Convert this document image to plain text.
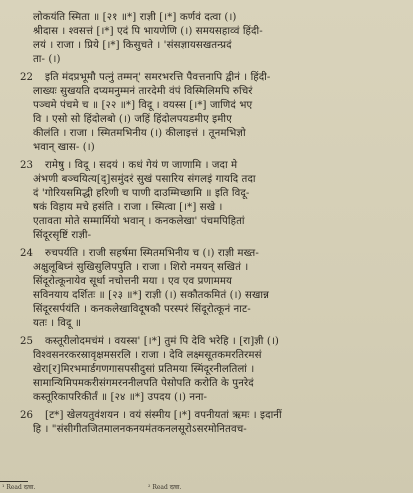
लोकयंति स्मिता ॥ [२१ ॥*] राज्ञी [।*] कर्णवं दत्वा (।)
श्रीदास । श्वसत्तं [।*] एदं पि भायणेणि (।) समयसहाव्वं हिंदी-
लयं । राजा । प्रिये [।*] किसुचते । 'संसज्ञायसखतन्प्रदं
ता- (।)
22 इति मंदप्रभूमौ पत्नुं तम्मन्' समरभरत्ति पैवत्तनापि द्वीनं । हिंदी-
लाख्यः सुखयति दप्यमनुम्मनं तारदेमी वंपं विस्मिलिमपि रुचिरं
पञ्चमे पंचमे च ॥ [२२ ॥*] विदू । वयस्स [।*] जाणिदं भए
वि । एसो सो हिंदोलबो (।) जहिं हिंदोलपयडमीए इमीए
कीलंति । राजा । स्मितमभिनीय (।) कीलाइत्तं । तूनमभिज्ञो
भवान् खास- (।)
23 रामेषु । विदू । सदयं । कधं गेयं ण जाणामि । जदा मे
अंभणी बञ्चयित्य[द्]समुंदरं सुखं पसारिय संगलइं गायदि तदा
दं 'गोरियसमिद्धी हरिणी च पाणी दाउम्मिच्छामि ॥ इति विदू-
षकं विहाय मचे हसंति । राजा । स्मित्वा [।*] सखे ।
एतावता मोते सम्मार्मियो भवान् । कनकलेखा' पंचमपिहितां
सिंदूरसृष्टिं राज्ञी-
24 रुचपर्यति । राजी सहर्षमा स्मितमभिनीय च (।) राज्ञी मख्त-
अक्षुलूबिघ्नं सुखिसुलिपपुति । राजा । शिरो नमयन् सखितं ।
सिंदूरोत्कूनायेव सूर्धा नचोत्तनी मया । एव एव प्रणाममय
सविनयाय दर्शितः ॥ [२३ ॥*] राज्ञी (।) सकौतकमितं (।) सखान्न
सिंदूरसर्पयंति । कनकलेखाविदूषकौ परस्परं सिंदूरोत्कूनं नाट-
यतः । विदू ॥
25 कस्तूरीलोदमचंमं । वयस्स' [।*] तुमं पि देवि भरेहि । [रा]ज्ञी (।)
विश्वसनरकरस्रावृक्षमसरलि । राजा । देवि लक्ष्मसूतकमरतिरमसं
खेरा[र]मिरभमार्डगणगासपसीदुसां प्रतिमया स्मिंदूरनीलतिलां ।
सामान्यिमिपमकरीसंगमरननीलपति पेसोपति करोति के पुनरेदं
कस्तूरिकापरिकीर्तं ॥ [२४ ॥*] उपदय (।) नना-
26 [ट*] खेलयतुवंशयन । वयं संस्मीय [।*] वपनीयतां ऋमः । इदानीं
हि । "संसीगीतजितमालनकनयमंतकनलसूरोऽसरमोनितवच-
¹ Read दत्वा.	² Read दत्वा.
